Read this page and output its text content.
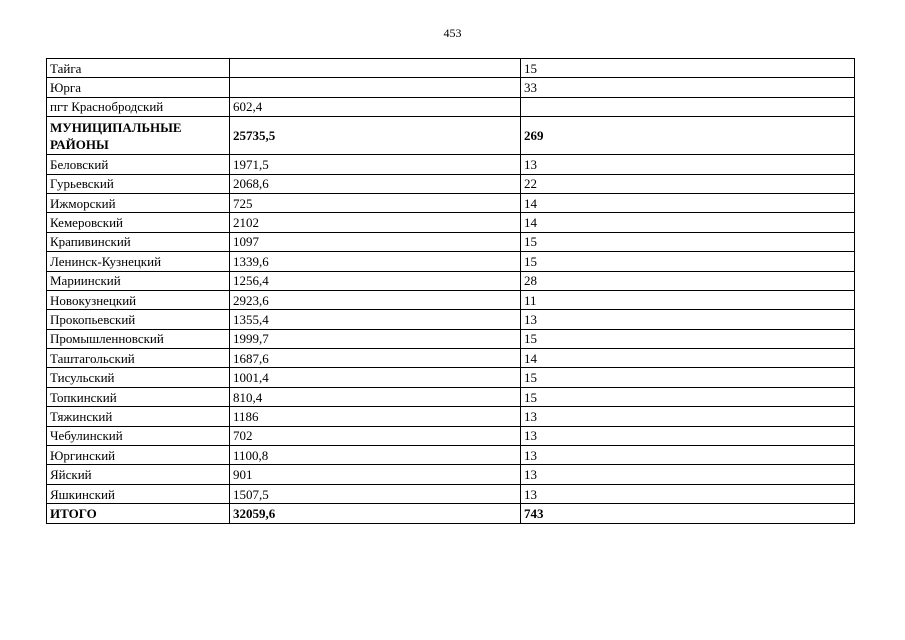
453
Тайга		15
Юрга		33
пгт Краснобродский	602,4	
МУНИЦИПАЛЬНЫЕ РАЙОНЫ	25735,5	269
Беловский	1971,5	13
Гурьевский	2068,6	22
Ижморский	725	14
Кемеровский	2102	14
Крапивинский	1097	15
Ленинск-Кузнецкий	1339,6	15
Мариинский	1256,4	28
Новокузнецкий	2923,6	11
Прокопьевский	1355,4	13
Промышленновский	1999,7	15
Таштагольский	1687,6	14
Тисульский	1001,4	15
Топкинский	810,4	15
Тяжинский	1186	13
Чебулинский	702	13
Юргинский	1100,8	13
Яйский	901	13
Яшкинский	1507,5	13
ИТОГО	32059,6	743
